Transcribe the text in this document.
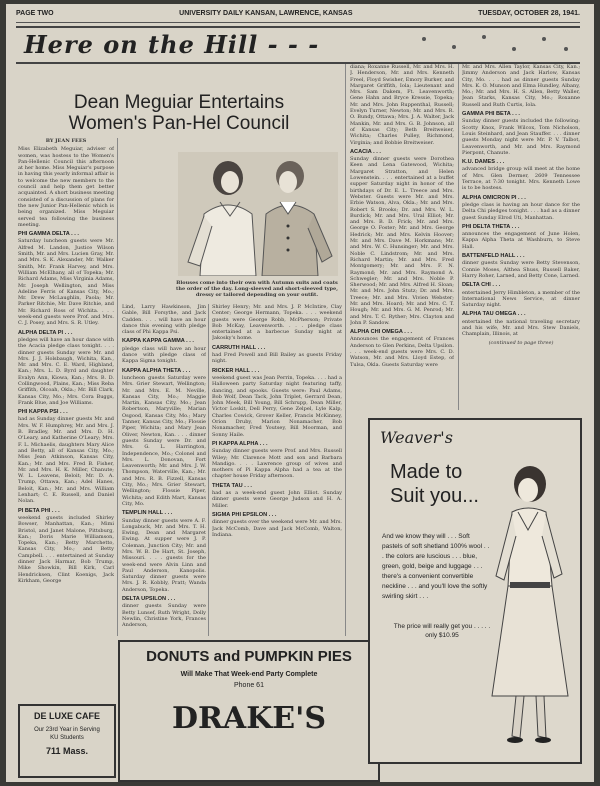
PAGE TWO	UNIVERSITY DAILY KANSAN, LAWRENCE, KANSAS	TUESDAY, OCTOBER 28, 1941.
Here on the Hill - - -
Dean Meguiar Entertains
Women's Pan-Hel Council
BY JEAN FEES

Miss Elizabeth Meguiar, adviser of women, was hostess to the Women's Pan-Hellenic Council this afternoon at her home. Miss Meguiar's purpose in having this yearly informal affair is to welcome the new members to the council and help them get better acquainted. A short business meeting consisted of a discussion of plans for the new Junior Pan-Hellenic which is being organized. Miss Meguiar served tea following the business meeting.

PHI GAMMA DELTA . . .

Saturday luncheon guests were Mr. Alfred M. Landon, Justice Wilson Smith, Mr. and Mrs. Lucien Gray, Mr. and Mrs. S. K. Alexander, Mr. Walker Smith, Mr. Frank Harvey, and Mrs. William McElhany, all of Topeka; Mr. Richard Adams, Miss Virginia Adams, Mr. Joseph Wellington, and Miss Adeline Ferris of Kansas City, Mo.; Mr. Drew McLaughlin, Paola; Mr. Parker Ritchie, Mr. Dave Ritchie, and Mr. Richard Ross of Wichita. . . . week-end guests were Prof. and Mrs. C. J. Posey, and Mrs. S. R. Utley.

ALPHA DELTA PI . . .

pledges will have an hour dance with the Acacia pledge class tonight. . . . dinner guests Sunday were Mr. and Mrs. J. J. Holsbaugh, Wichita, Kan., Mr. and Mrs. C. E. Ward, Highland, Kan.; Mrs. L. D. Byrd and daughter Evalyn Ann, Kiowa, Kan.; Mrs. B. D. Collingwood, Plains, Kan.; Miss Reba Griffith, Olcoah, Okla.; Mr. Bill Clark, Kansas City, Mo.; Mrs. Cora Buggs, Frank Blue, and Joe Williams.

PHI KAPPA PSI . . .

had as Sunday dinner guests Mr. and Mrs. W. F. Humphrey, Mr. and Mrs. J. B. Bradley, Mr. and Mrs. D. H. O'Leary, and Katherine O'Leary; Mrs. F. L. Michaelis, daughters Mary Alice and Betty, all of Kansas City, Mo.; Miss Jean Atkinson, Kansas City, Kan.; Mr. and Mrs. Fred B. Fisher, Mr. and Mrs. H. K. Miller, Chanute; W. L. Leavens, Beloit; Mr. D. A. Trump, Ottawa, Kan.; Adel Hanes, Beloit, Kan.; Mr. and Mrs. William Lenhart; C. E. Russell, and Daniel Nolan.

PI BETA PHI . . .

weekend guests included Shirley Bowser, Manhattan, Kan.; Mimi Bristol, and Janet Malone, Pittsburg, Kan.; Doris Marie Williamson, Topeka, Kan.; Betty Marchetto, Kansas City, Mo.; and Betty Campbell. . . . entertained at Sunday dinner Jack Harmar, Bob Trump, Mike Showkin, Bill Kirk, Carl Hendricksen, Clint Koenigs, Jack Kirkham, George

DE LUXE CAFE
Our 23rd Year in Serving
KU Students
711 Mass.
Blouses come into their own with Autumn suits and coats the order of the day. Long-sleeved and short-sleeved type, dressy or tailored depending on your outfit.

Lind, Larry Hawkinson, Jim Gable, Bill Forsythe, and Jack Cadden. . . . will have an hour dance this evening with pledge class of Phi Kappa Psi.

KAPPA KAPPA GAMMA . . .

pledge class will have an hour dance with pledge class of Kappa Sigma tonight.

KAPPA ALPHA THETA . . .

luncheon guests Saturday were Mrs. Grier Stewart, Wellington; Mr. and Mrs. E. M. Neville, Kansas City, Mo.; Maggie Martin, Kansas City, Mo.; Jean Robertson, Maryville; Marian Osgood, Kansas City, Mo.; Mary Tanner, Kansas City, Mo.; Flossie Piper, Wichita; and Mary Jean Oliver, Newton, Kan. . . . dinner guests Sunday were Dr. and Mrs. G. L. Harrington, Independence, Mo.; Colonel and Mrs. L. Donovan, Fort Leavenworth; Mr. and Mrs. J. W. Thompson, Waterville, Kan.; Mr. and Mrs. R. B. Fizzell, Kansas City, Mo.; Mrs. Grier Stewart, Wellington; Flossie Piper, Wichita; and Edith Mart, Kansas City, Mo.

TEMPLIN HALL . . .

Sunday dinner guests were A. F. Longabuck, Mr. and Mrs. T. H. Ewing, Dean and Margaret Ewing. At supper were J. P. Coleman, Junction City; Mr. and Mrs. W. B. De Hart, St. Joseph, Missouri. . . . guests for the week-end were Alvin Linn and Paul Anderson, Kanopolis. Saturday dinner guests were Mrs. J. R. Kobbly, Pratt; Wanda Anderson, Topeka.

DELTA UPSILON . . .

dinner guests Sunday were Betty Lunsef, Ruth Wright, Dolly Newlin, Christine York, Frances Anderson,

Shirley Henry; Mr. and Mrs. J. P. McIntire, Clay Center; George Hermann, Topeka. . . . weekend guests were George Robb, McPherson; Private Bob McKay, Leavenworth. . . . pledge class entertained at a barbecue Sunday night at Jakosky's home.

CARRUTH HALL . . .

had Fred Powell and Bill Bailey as guests Friday night.

RICKER HALL . . .

weekend guest was Jean Perrin, Topeka. . . . had a Halloween party Saturday night featuring taffy, dancing, and spooks. Guests were: Paul Adams, Bob Wolf, Dean Tack, John Triplet, Gerrard Dean, John Meek, Bill Young, Bill Schrupp, Dean Miller, Victor Loskit, Dell Perry, Gene Zelpel, Lyle Kalp, Charles Cowick, Grover Keller, Francis McKinney, Orion Druby, Marion Nonamacher, Bob Nonamacher, Fred Youtsey, Bill Moorman, and Sonny Haile.

PI KAPPA ALPHA . . .

Sunday dinner guests were Prof. and Mrs. Russell Wiley; Mr. Clarence Mott and son and Barbara Mandigo. . . . Lawrence group of wives and mothers of Pi Kappa Alpha had a tea at the chapter house Friday afternoon.

THETA TAU . . .

had as a week-end guest John Elliot. Sunday dinner guests were George Judson and H. A. Miller.

SIGMA PHI EPSILON . . .

dinner guests over the weekend were Mr. and Mrs. Jack McComb, Dave and Jack McComb, Walton, Indiana.

diana; Roxanne Russell, Mr. and Mrs. H. J. Henderson, Mr. and Mrs. Kenneth Freel, Floyd Swisher, Emory Burker, and Margaret Griffith, Iola; Lieutenant and Mrs. Sam Dakem, Ft. Leavenworth; Gene Hahn and Bryce Kressie, Topeka; Mr. and Mrs. John Ruppenthal, Russell; Evelyn Turner, Newton; Mr. and Mrs. R. O. Bundy, Ottawa; Mrs. J. A. Walter, Jack Mankin, Mr. and Mrs. G. B. Johnson, all of Kansas City; Beth Breitweiser, Wichita; Charles Pulley, Richmond, Virginia; and Bobbie Breitweiser.

ACACIA . . .

Sunday dinner guests were Dorothea Keen and Lena Gatewood, Wichita; Margaret Stratton, and Helen Lowenstein. . . . entertained at a buffet supper Saturday night in honor of the birthdays of Dr. E. L. Treece and Mrs. Webster. Guests were Mr. and Mrs. Erbie Watson, Alva, Okla.; Mr. and Mrs. Robert S. Brooks; Dr. and Mrs. W. L. Burdick; Mr. and Mrs. Ural Elliot; Mr. and Mrs. B. D. Frick; Mr. and Mrs. George O. Foster; Mr. and Mrs. George Hedrick; Mr. and Mrs. Kelvin Hoover; Mr. and Mrs. Dave M. Horkmans; Mr. and Mrs. W. C. Hunsinger; Mr. and Mrs. Noble C. Lindstrom; Mr. and Mrs. Richard Martin; Mr. and Mrs. Fred Montgomery; Mr. and Mrs. F. N. Raymond; Mr. and Mrs. Raymond A. Schwegler; Mr. and Mrs. Noble P. Sherwood; Mr. and Mrs. Alfred H. Sloan; Mr. and Mrs. John Stutz; Dr. and Mrs. Treece; Mr. and Mrs. Vivien Webster; Mr. and Mrs. Hoard; Mr. and Mrs. C. T. Hough; Mr. and Mrs. G. M. Penrod; Mr. and Mrs. T. C. Ryther; Mrs. Clayton and John P. Sandow.

ALPHA CHI OMEGA . . .

Announces the engagement of Frances Anderson to Glen Perkins, Delta Upsilon. . . . week-end guests were Mrs. C. D. Watson, Mr. and Mrs. Lloyd Estep, of Tulsa, Okla. Guests Saturday were

Mr. and Mrs. Allen Taylor, Kansas City, Kan.; Jimmy Anderson and Jack Harlow, Kansas City, Mo. . . . had as dinner guests Sunday Mrs. K. O. Munson and Elma Hundley, Albany, Mo.; Mr. and Mrs. H. S. Allen, Betty Waller, Jean Starks, Kansas City, Mo.; Roxanne Russell and Ruth Curtis, Iola.

GAMMA PHI BETA . . .

Sunday dinner guests included the following: Scotty Knox, Frank Wilcox, Tom Nicholson, Louis Steinhard, and Jean Stauffer. . . . dinner guests Monday night were Mr. P. V. Talbot, Leavenworth, and Mr. and Mrs. Raymond Pierpont, Chanute.

K.U. DAMES . . .

advanced bridge group will meet at the home of Mrs. Glen Dermer, 2609 Tennessee Terrace, at 7:30 tonight. Mrs. Kenneth Lowe is to be hostess.

ALPHA OMICRON PI . . .

pledge class is having an hour dance for the Delta Chi pledges tonight. . . . had as a dinner guest Sunday Elrod Uti, Manhattan.

PHI DELTA THETA . . .

announces the engagement of June Holen, Kappa Alpha Theta at Washburn, to Steve Hall.

BATTENFELD HALL . . .

dinner guests Sunday were Betty Stevenson, Connie Moses, Althea Shuss, Russell Baker, Harry Roher, Larned, and Betty Cone, Larned.

DELTA CHI . . .

entertained Jerry Himbleton, a member of the International News Service, at dinner Saturday night.

ALPHA TAU OMEGA . . .

entertained the national traveling secretary and his wife, Mr. and Mrs. Stew Daniels, Champlain, Illinois, at

(continued to page three)

DONUTS and PUMPKIN PIES
Will Make That Week-end Party Complete
Phone 61
DRAKE'S
Weaver's
Made to
Suit you...
And we know they will . . . Soft pastels of soft shetland 100% wool . . . the colors are luscious . . . blue, green, gold, beige and luggage . . . there's a convenient convertible neckline . . . and you'll love the softly swirling skirt . . .
The price will really get you . . . . . only $10.95
